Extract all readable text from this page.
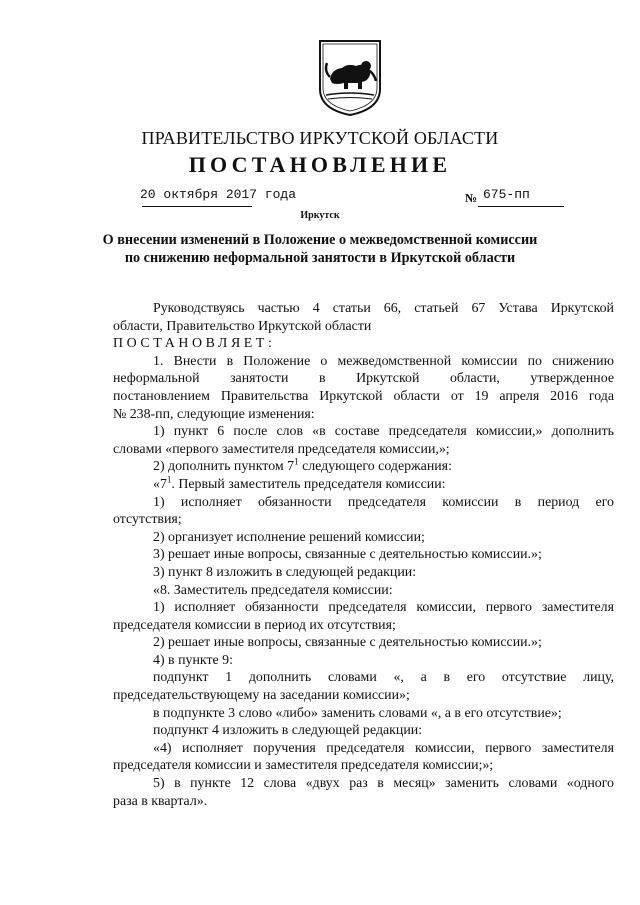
ПРАВИТЕЛЬСТВО ИРКУТСКОЙ ОБЛАСТИ
ПОСТАНОВЛЕНИЕ
20 октября 2017 года	№ 675-пп
Иркутск
О внесении изменений в Положение о межведомственной комиссии
по снижению неформальной занятости в Иркутской области

Руководствуясь частью 4 статьи 66, статьей 67 Устава Иркутской

области, Правительство Иркутской области

ПОСТАНОВЛЯЕТ:

1. Внести в Положение о межведомственной комиссии по снижению

неформальной занятости в Иркутской области, утвержденное

постановлением Правительства Иркутской области от 19 апреля 2016 года

№ 238-пп, следующие изменения:

1) пункт 6 после слов «в составе председателя комиссии,» дополнить

словами «первого заместителя председателя комиссии,»;

2) дополнить пунктом $7^1$ следующего содержания:

«$7^1$. Первый заместитель председателя комиссии:

1) исполняет обязанности председателя комиссии в период его

отсутствия;

2) организует исполнение решений комиссии;

3) решает иные вопросы, связанные с деятельностью комиссии.»;

3) пункт 8 изложить в следующей редакции:

«8. Заместитель председателя комиссии:

1) исполняет обязанности председателя комиссии, первого заместителя

председателя комиссии в период их отсутствия;

2) решает иные вопросы, связанные с деятельностью комиссии.»;

4) в пункте 9:

подпункт 1 дополнить словами «, а в его отсутствие лицу,

председательствующему на заседании комиссии»;

в подпункте 3 слово «либо» заменить словами «, а в его отсутствие»;

подпункт 4 изложить в следующей редакции:

«4) исполняет поручения председателя комиссии, первого заместителя

председателя комиссии и заместителя председателя комиссии;»;

5) в пункте 12 слова «двух раз в месяц» заменить словами «одного

раза в квартал».
